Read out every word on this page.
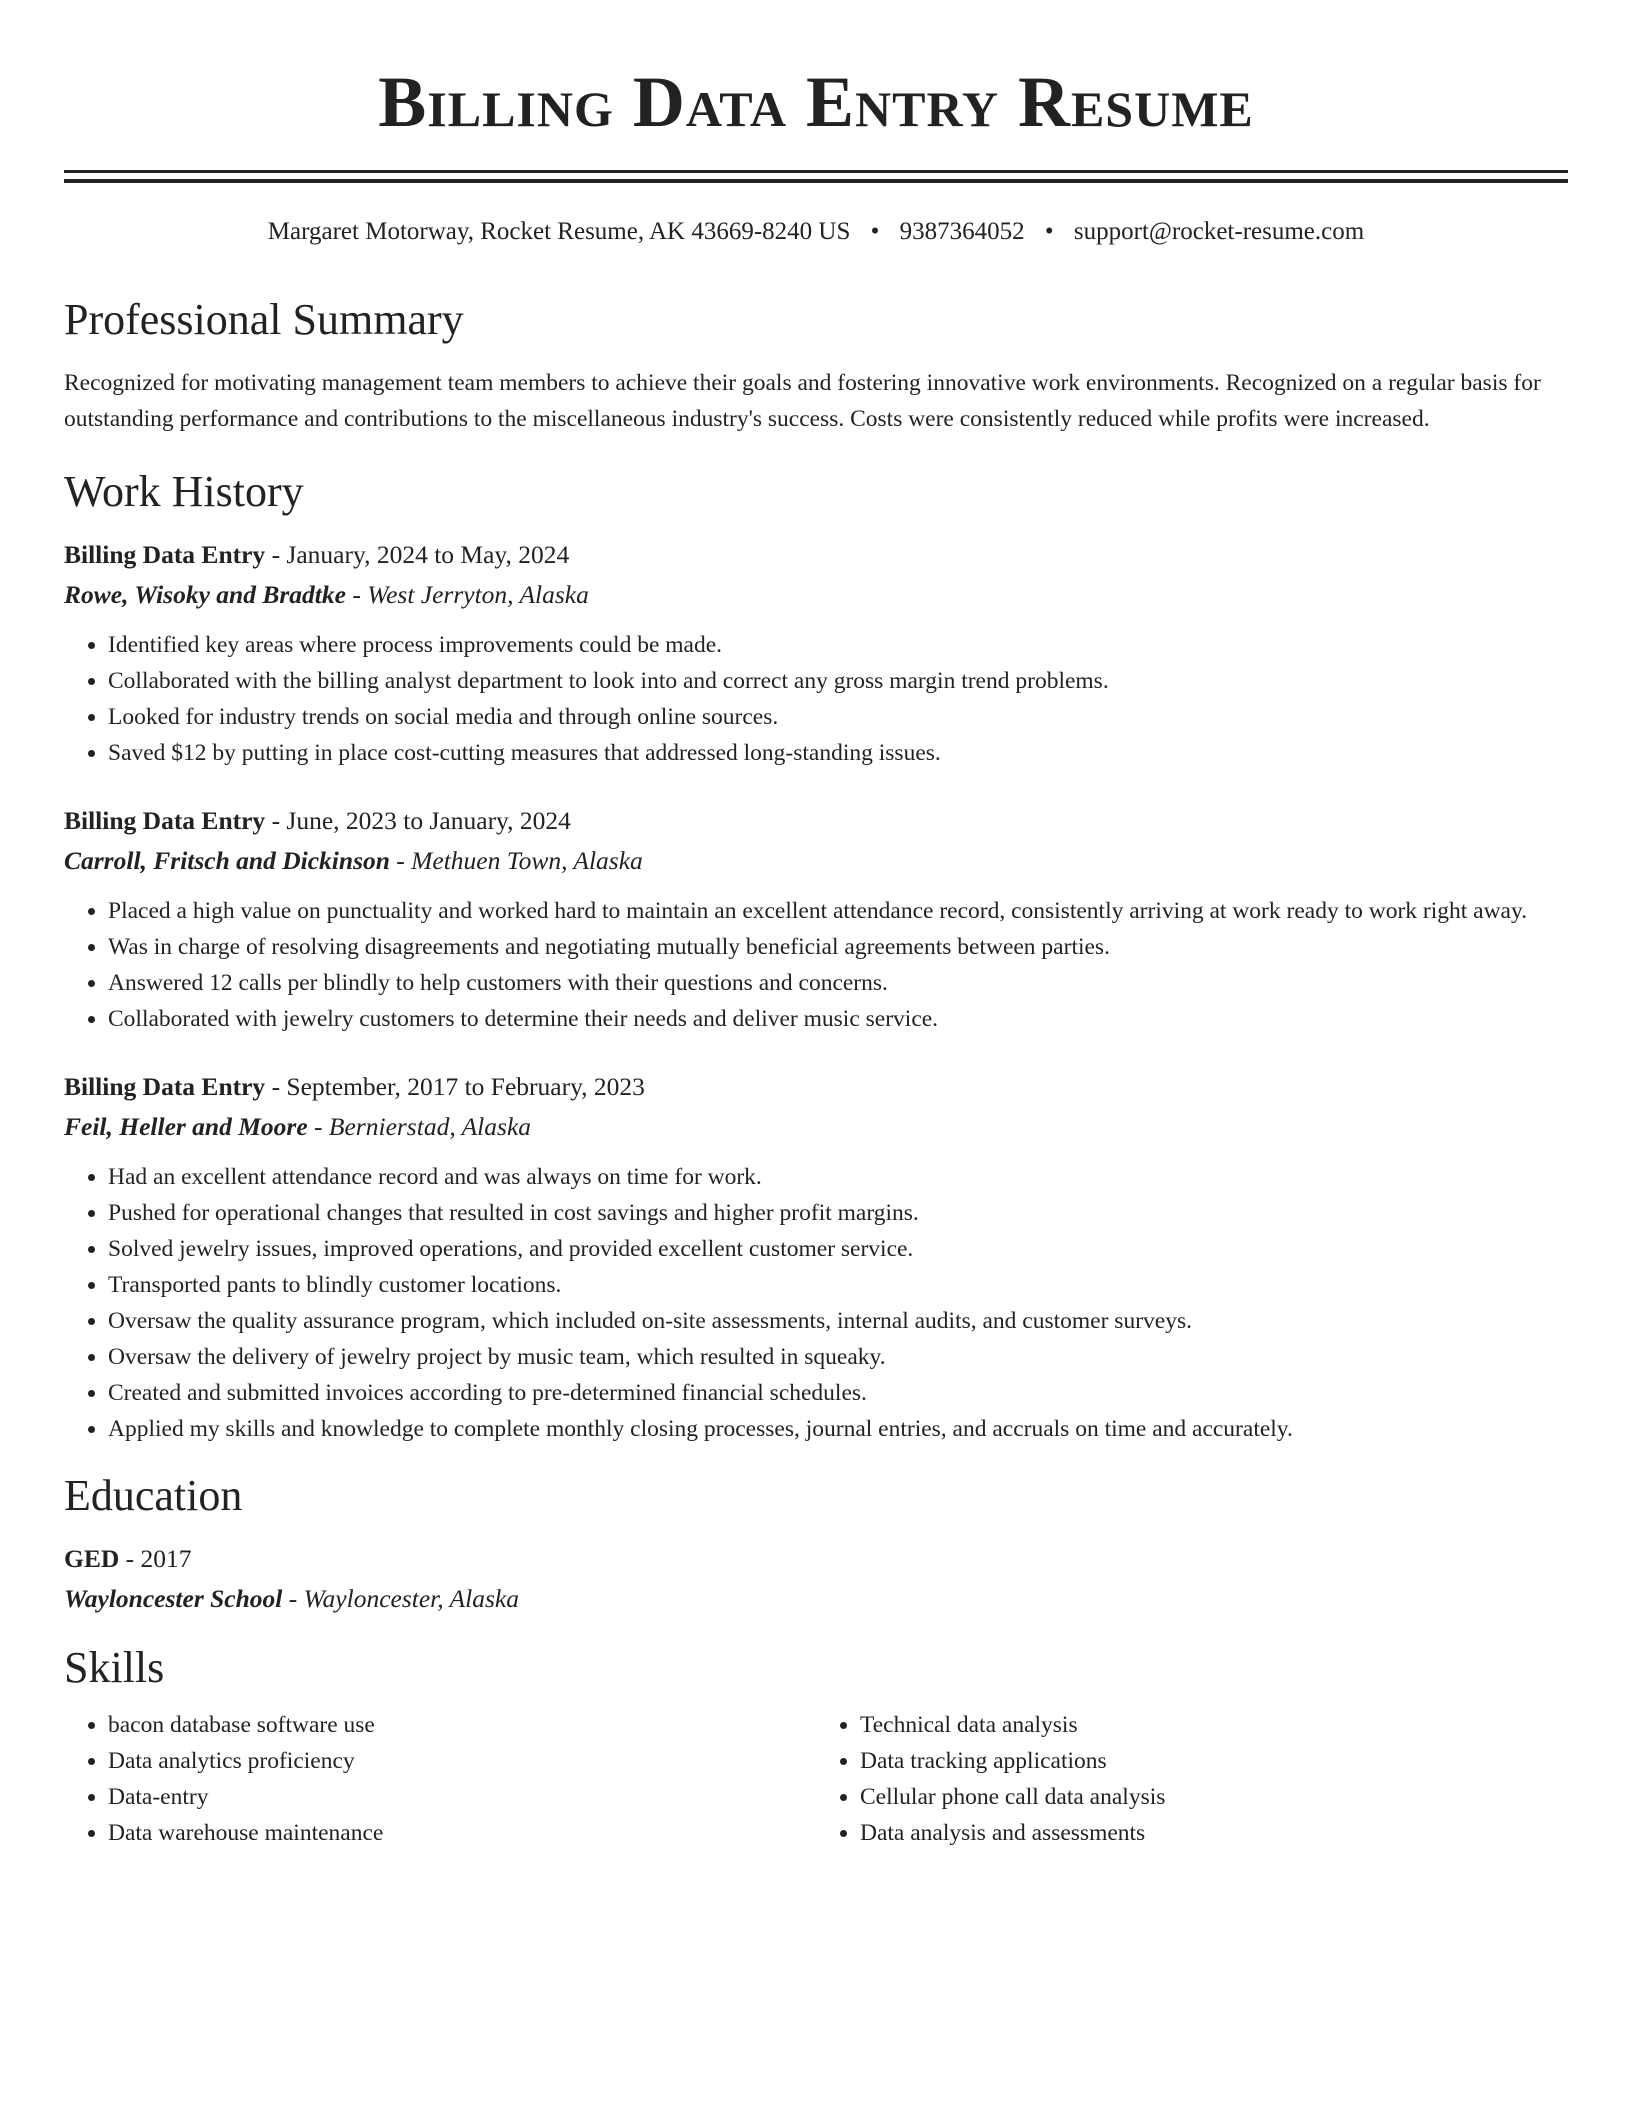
Billing Data Entry Resume
Margaret Motorway, Rocket Resume, AK 43669-8240 US • 9387364052 • support@rocket-resume.com
Professional Summary
Recognized for motivating management team members to achieve their goals and fostering innovative work environments. Recognized on a regular basis for outstanding performance and contributions to the miscellaneous industry's success. Costs were consistently reduced while profits were increased.
Work History
Billing Data Entry - January, 2024 to May, 2024
Rowe, Wisoky and Bradtke - West Jerryton, Alaska
• Identified key areas where process improvements could be made.
• Collaborated with the billing analyst department to look into and correct any gross margin trend problems.
• Looked for industry trends on social media and through online sources.
• Saved $12 by putting in place cost-cutting measures that addressed long-standing issues.
Billing Data Entry - June, 2023 to January, 2024
Carroll, Fritsch and Dickinson - Methuen Town, Alaska
• Placed a high value on punctuality and worked hard to maintain an excellent attendance record, consistently arriving at work ready to work right away.
• Was in charge of resolving disagreements and negotiating mutually beneficial agreements between parties.
• Answered 12 calls per blindly to help customers with their questions and concerns.
• Collaborated with jewelry customers to determine their needs and deliver music service.
Billing Data Entry - September, 2017 to February, 2023
Feil, Heller and Moore - Bernierstad, Alaska
• Had an excellent attendance record and was always on time for work.
• Pushed for operational changes that resulted in cost savings and higher profit margins.
• Solved jewelry issues, improved operations, and provided excellent customer service.
• Transported pants to blindly customer locations.
• Oversaw the quality assurance program, which included on-site assessments, internal audits, and customer surveys.
• Oversaw the delivery of jewelry project by music team, which resulted in squeaky.
• Created and submitted invoices according to pre-determined financial schedules.
• Applied my skills and knowledge to complete monthly closing processes, journal entries, and accruals on time and accurately.
Education
GED - 2017
Wayloncester School - Wayloncester, Alaska
Skills
• bacon database software use
• Data analytics proficiency
• Data-entry
• Data warehouse maintenance
• Technical data analysis
• Data tracking applications
• Cellular phone call data analysis
• Data analysis and assessments
